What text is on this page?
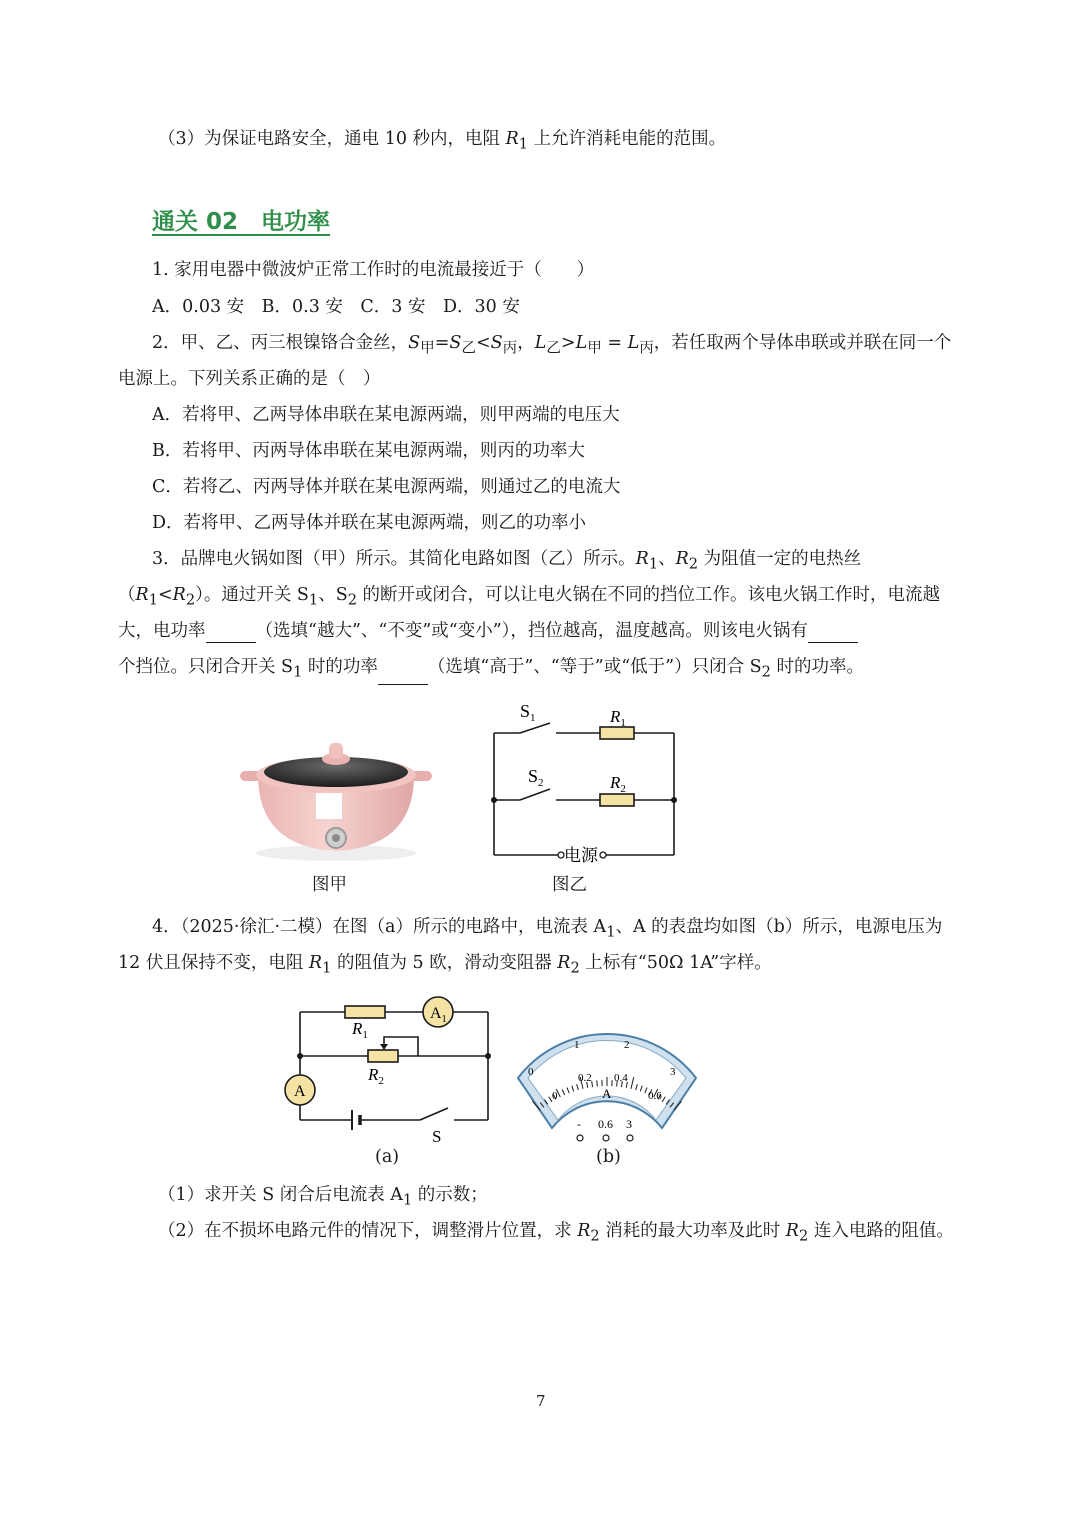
（3）为保证电路安全，通电 10 秒内，电阻 $R_1$ 上允许消耗电能的范围。
通关 02　电功率
1. 家用电器中微波炉正常工作时的电流最接近于（　　）
A．0.03 安　B．0.3 安　C．3 安　D．30 安
2．甲、乙、丙三根镍铬合金丝，$S_甲=S_乙<S_丙$，$L_乙>L_甲 = L_丙$，若任取两个导体串联或并联在同一个
电源上。下列关系正确的是（　）
A．若将甲、乙两导体串联在某电源两端，则甲两端的电压大
B．若将甲、丙两导体串联在某电源两端，则丙的功率大
C．若将乙、丙两导体并联在某电源两端，则通过乙的电流大
D．若将甲、乙两导体并联在某电源两端，则乙的功率小
3．品牌电火锅如图（甲）所示。其简化电路如图（乙）所示。$R_1$、$R_2$ 为阻值一定的电热丝
$(R_1<R_2)$。通过开关 $S_1$、$S_2$ 的断开或闭合，可以让电火锅在不同的挡位工作。该电火锅工作时，电流越
大，电功率	（选填“越大”、“不变”或“变小”），挡位越高，温度越高。则该电火锅有
个挡位。只闭合开关 $S_1$ 时的功率	（选填“高于”、“等于”或“低于”）只闭合 $S_2$ 时的功率。
图甲
$S_1$
$S_2$
$R_1$
$R_2$
电源
图乙
4．（2025·徐汇·二模）在图（a）所示的电路中，电流表 $A_1$、A 的表盘均如图（b）所示，电源电压为
12 伏且保持不变，电阻 $R_1$ 的阻值为 5 欧，滑动变阻器 $R_2$ 上标有“50Ω 1A”字样。
$A_1$
A
$R_1$
$R_2$
S
(a)
0
1	2
3
0
0.2 0.4
0.6
A
- 0.6 3
(b)
（1）求开关 S 闭合后电流表 $A_1$ 的示数；
（2）在不损坏电路元件的情况下，调整滑片位置，求 $R_2$ 消耗的最大功率及此时 $R_2$ 连入电路的阻值。
7
